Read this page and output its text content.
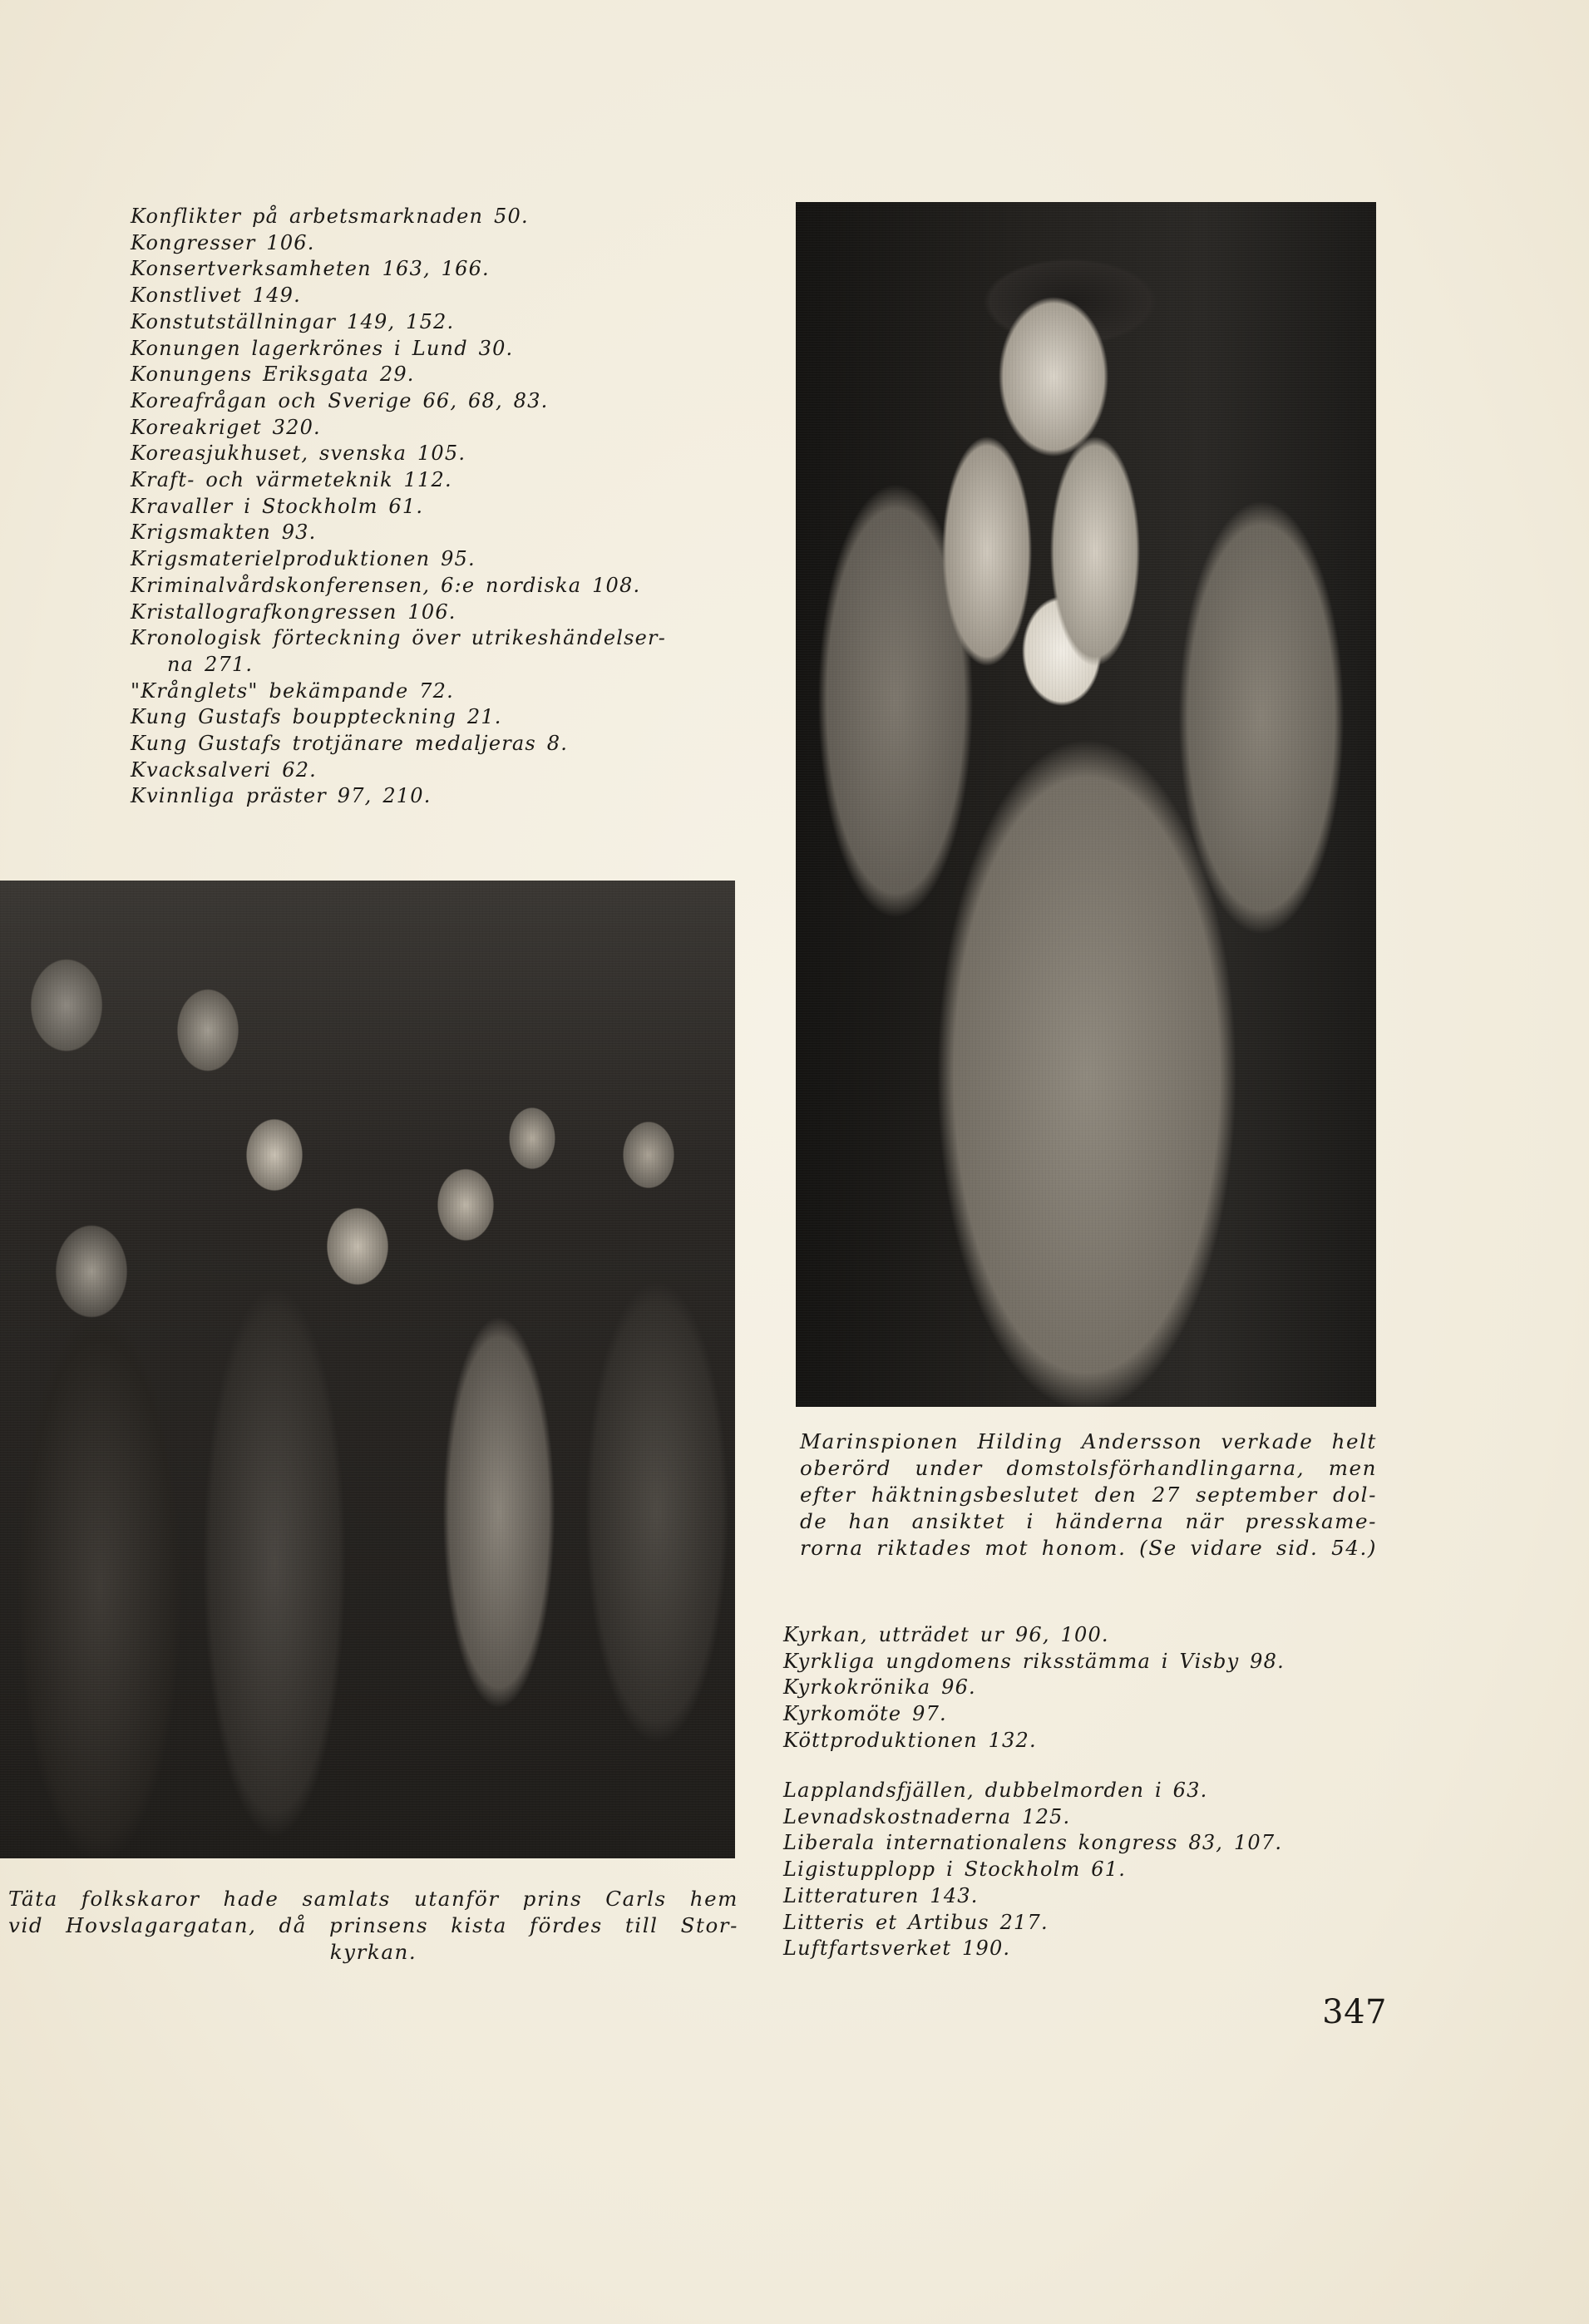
Konflikter på arbetsmarknaden 50.
Kongresser 106.
Konsertverksamheten 163, 166.
Konstlivet 149.
Konstutställningar 149, 152.
Konungen lagerkrönes i Lund 30.
Konungens Eriksgata 29.
Koreafrågan och Sverige 66, 68, 83.
Koreakriget 320.
Koreasjukhuset, svenska 105.
Kraft- och värmeteknik 112.
Kravaller i Stockholm 61.
Krigsmakten 93.
Krigsmaterielproduktionen 95.
Kriminalvårdskonferensen, 6:e nordiska 108.
Kristallografkongressen 106.
Kronologisk förteckning över utrikeshändelser-
na 271.
"Krånglets" bekämpande 72.
Kung Gustafs bouppteckning 21.
Kung Gustafs trotjänare medaljeras 8.
Kvacksalveri 62.
Kvinnliga präster 97, 210.
Marinspionen Hilding Andersson verkade helt
oberörd under domstolsförhandlingarna, men
efter häktningsbeslutet den 27 september dol-
de han ansiktet i händerna när presskame-
rorna riktades mot honom. (Se vidare sid. 54.)
Täta folkskaror hade samlats utanför prins Carls hem
vid Hovslagargatan, då prinsens kista fördes till Stor-
kyrkan.
Kyrkan, utträdet ur 96, 100.
Kyrkliga ungdomens riksstämma i Visby 98.
Kyrkokrönika 96.
Kyrkomöte 97.
Köttproduktionen 132.
Lapplandsfjällen, dubbelmorden i 63.
Levnadskostnaderna 125.
Liberala internationalens kongress 83, 107.
Ligistupplopp i Stockholm 61.
Litteraturen 143.
Litteris et Artibus 217.
Luftfartsverket 190.
347
